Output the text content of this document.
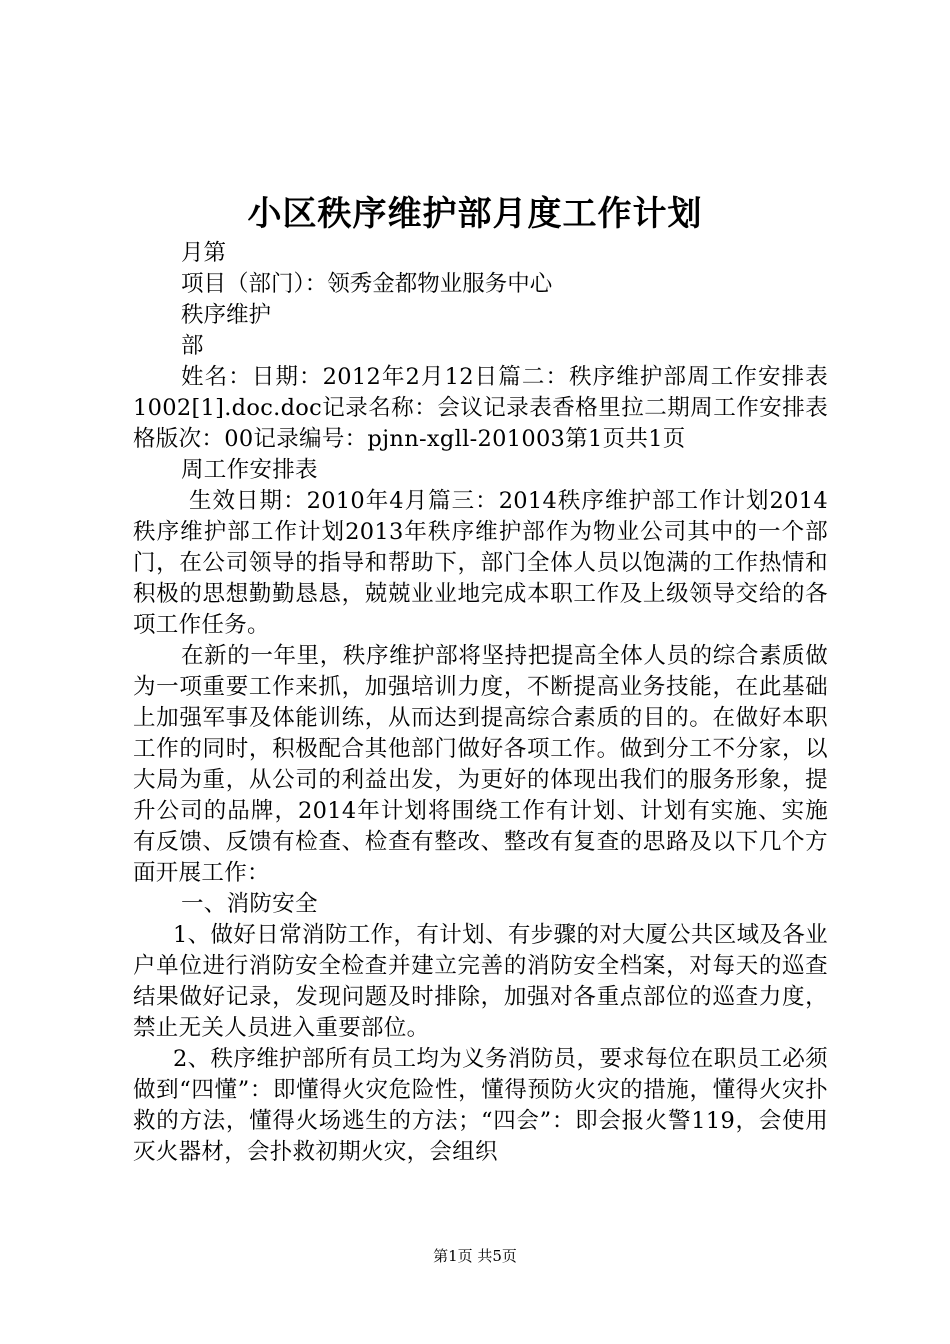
小区秩序维护部月度工作计划

月第

项目（部门）：领秀金都物业服务中心

秩序维护

部

姓名：日期：2012年2月12日篇二：秩序维护部周工作安排表1002[1].doc.doc记录名称：会议记录表香格里拉二期周工作安排表格版次：00记录编号：pjnn-xgll-201003第1页共1页

周工作安排表

生效日期：2010年4月篇三：2014秩序维护部工作计划2014秩序维护部工作计划2013年秩序维护部作为物业公司其中的一个部门，在公司领导的指导和帮助下，部门全体人员以饱满的工作热情和积极的思想勤勤恳恳，兢兢业业地完成本职工作及上级领导交给的各项工作任务。

在新的一年里，秩序维护部将坚持把提高全体人员的综合素质做为一项重要工作来抓，加强培训力度，不断提高业务技能，在此基础上加强军事及体能训练，从而达到提高综合素质的目的。在做好本职工作的同时，积极配合其他部门做好各项工作。做到分工不分家，以大局为重，从公司的利益出发，为更好的体现出我们的服务形象，提升公司的品牌，2014年计划将围绕工作有计划、计划有实施、实施有反馈、反馈有检查、检查有整改、整改有复查的思路及以下几个方面开展工作：

一、消防安全

1、做好日常消防工作，有计划、有步骤的对大厦公共区域及各业户单位进行消防安全检查并建立完善的消防安全档案，对每天的巡查结果做好记录，发现问题及时排除，加强对各重点部位的巡查力度，禁止无关人员进入重要部位。

2、秩序维护部所有员工均为义务消防员，要求每位在职员工必须做到“四懂”：即懂得火灾危险性，懂得预防火灾的措施，懂得火灾扑救的方法，懂得火场逃生的方法；“四会”：即会报火警119，会使用灭火器材，会扑救初期火灾，会组织

第1页 共5页
